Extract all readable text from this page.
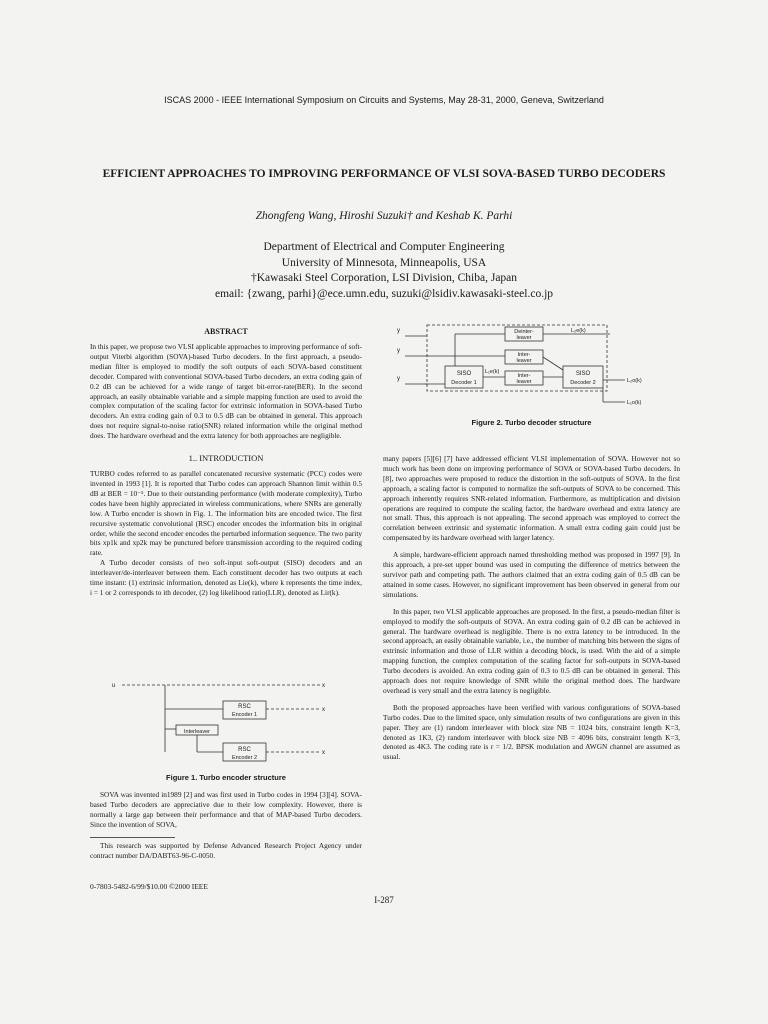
ISCAS 2000 - IEEE International Symposium on Circuits and Systems, May 28-31, 2000, Geneva, Switzerland
EFFICIENT APPROACHES TO IMPROVING PERFORMANCE OF VLSI SOVA-BASED TURBO DECODERS
Zhongfeng Wang, Hiroshi Suzuki† and Keshab K. Parhi
Department of Electrical and Computer Engineering
University of Minnesota, Minneapolis, USA
†Kawasaki Steel Corporation, LSI Division, Chiba, Japan
email: {zwang, parhi}@ece.umn.edu, suzuki@lsidiv.kawasaki-steel.co.jp
ABSTRACT

In this paper, we propose two VLSI applicable approaches to improving performance of soft-output Viterbi algorithm (SOVA)-based Turbo decoders. In the first approach, a pseudo-median filter is employed to modify the soft outputs of each SOVA-based constituent decoder. Compared with conventional SOVA-based Turbo decoders, an extra coding gain of 0.2 dB can be achieved for a wide range of target bit-error-rate(BER). In the second approach, an easily obtainable variable and a simple mapping function are used to avoid the complex computation of the scaling factor for extrinsic information in SOVA-based Turbo decoders. An extra coding gain of 0.3 to 0.5 dB can be obtained in general. This approach does not require signal-to-noise ratio(SNR) related information while the original method does. The hardware overhead and the extra latency for both approaches are negligible.

1.. INTRODUCTION

TURBO codes referred to as parallel concatenated recursive systematic (PCC) codes were invented in 1993 [1]. It is reported that Turbo codes can approach Shannon limit within 0.5 dB at BER = 10⁻⁵. Due to their outstanding performance (with moderate complexity), Turbo codes have been highly appreciated in wireless communications, where SNRs are generally low. A Turbo encoder is shown in Fig. 1. The information bits are encoded twice. The first recursive systematic convolutional (RSC) encoder encodes the information bits in original order, while the second encoder encodes the perturbed information sequence. The two parity bits xp1k and xp2k may be punctured before transmission according to the required coding rate.

A Turbo decoder consists of two soft-input soft-output (SISO) decoders and an interleaver/de-interleaver between them. Each constituent decoder has two outputs at each time instant: (1) extrinsic information, denoted as Lie(k), where k represents the time index, i = 1 or 2 corresponds to ith decoder, (2) log likelihood ratio(LLR), denoted as Lir(k).

u
RSC
Encoder 1
Interleaver
RSC
Encoder 2
x
x
x
Figure 1. Turbo encoder structure

SOVA was invented in1989 [2] and was first used in Turbo codes in 1994 [3][4]. SOVA-based Turbo decoders are appreciative due to their low complexity. However, there is normally a large gap between their performance and that of MAP-based Turbo decoders. Since the invention of SOVA,

This research was supported by Defense Advanced Research Project Agency under contract number DA/DABT63-96-C-0050.

0-7803-5482-6/99/$10.00 ©2000 IEEE
y
y
y
Deinter-
leaver
Inter-
leaver
Inter-
leaver
SISO
Decoder 1
SISO
Decoder 2
L₁e(k)
L₂e(k)
L₂o(k)
L₁o(k)
Figure 2. Turbo decoder structure

many papers [5][6] [7] have addressed efficient VLSI implementation of SOVA. However not so much work has been done on improving performance of SOVA or SOVA-based Turbo decoders. In [8], two approaches were proposed to reduce the distortion in the soft-outputs of SOVA. In the first approach, a scaling factor is computed to normalize the soft-outputs of SOVA to be concerned. This approach inherently requires SNR-related information. Furthermore, as multiplication and division operations are required to compute the scaling factor, the hardware overhead and extra latency are not small. Thus, this approach is not appealing. The second approach was employed to correct the correlation between extrinsic and systematic information. A small extra coding gain could just be compensated by its hardware overhead with larger latency.

A simple, hardware-efficient approach named thresholding method was proposed in 1997 [9]. In this approach, a pre-set upper bound was used in computing the difference of metrics between the survivor path and competing path. The authors claimed that an extra coding gain of 0.5 dB can be attained in some cases. However, no significant improvement has been observed in general from our simulations.

In this paper, two VLSI applicable approaches are proposed. In the first, a pseudo-median filter is employed to modify the soft-outputs of SOVA. An extra coding gain of 0.2 dB can be achieved in general. The hardware overhead is negligible. There is no extra latency to be introduced. In the second approach, an easily obtainable variable, i.e., the number of matching bits between the signs of extrinsic information and those of LLR within a decoding block, is used. With the aid of a simple mapping function, the complex computation of the scaling factor for soft-outputs in SOVA-based Turbo decoders is avoided. An extra coding gain of 0.3 to 0.5 dB can be obtained in general. This approach does not require knowledge of SNR while the original method does. The hardware overhead is very small and the extra latency is negligible.

Both the proposed approaches have been verified with various configurations of SOVA-based Turbo codes. Due to the limited space, only simulation results of two configurations are given in this paper. They are (1) random interleaver with block size NB = 1024 bits, constraint length K=3, denoted as 1K3, (2) random interleaver with block size NB = 4096 bits, constraint length K=3, denoted as 4K3. The coding rate is r = 1/2. BPSK modulation and AWGN channel are assumed as usual.

I-287
